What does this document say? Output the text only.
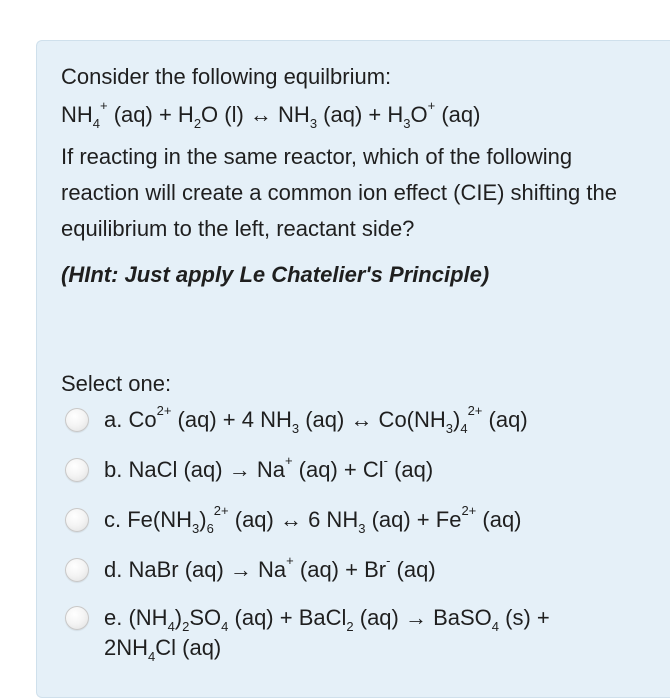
Consider the following equilbrium:

$NH_4^+$ $(aq) + H_2O$ (l) ↔ $NH_3$ $(aq) + H_3O^+$ (aq)

If reacting in the same reactor, which of the following reaction will create a common ion effect (CIE) shifting the equilibrium to the left, reactant side?

(HInt: Just apply Le Chatelier's Principle)

Select one:
a. $Co^{2+}$ (aq) + 4 $NH_3$ (aq) ↔ $Co(NH_3)_4^{2+}$ (aq)
b. NaCl (aq) → Na+ (aq) + Cl- (aq)
c. $Fe(NH_3)_6^{2+}$ (aq) ↔ 6 $NH_3$ $(aq) + Fe^{2+}$ (aq)
d. NaBr (aq) → Na+ (aq) + Br- (aq)
e. $(NH_4)_2SO_4$ (aq) + BaCl$_2$ (aq) → BaSO$_4$ $(s) + 2NH_4Cl$ (aq)
